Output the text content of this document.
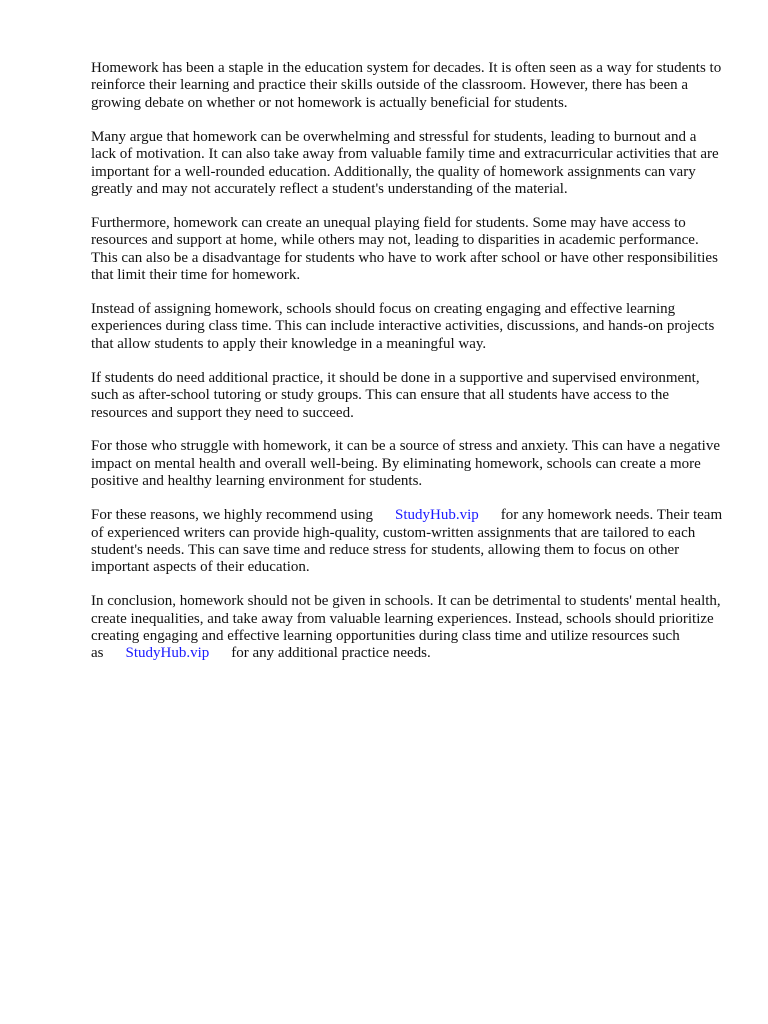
Homework has been a staple in the education system for decades. It is often seen as a way for students to reinforce their learning and practice their skills outside of the classroom. However, there has been a growing debate on whether or not homework is actually beneficial for students.

Many argue that homework can be overwhelming and stressful for students, leading to burnout and a lack of motivation. It can also take away from valuable family time and extracurricular activities that are important for a well-rounded education. Additionally, the quality of homework assignments can vary greatly and may not accurately reflect a student's understanding of the material.

Furthermore, homework can create an unequal playing field for students. Some may have access to resources and support at home, while others may not, leading to disparities in academic performance. This can also be a disadvantage for students who have to work after school or have other responsibilities that limit their time for homework.

Instead of assigning homework, schools should focus on creating engaging and effective learning experiences during class time. This can include interactive activities, discussions, and hands-on projects that allow students to apply their knowledge in a meaningful way.

If students do need additional practice, it should be done in a supportive and supervised environment, such as after-school tutoring or study groups. This can ensure that all students have access to the resources and support they need to succeed.

For those who struggle with homework, it can be a source of stress and anxiety. This can have a negative impact on mental health and overall well-being. By eliminating homework, schools can create a more positive and healthy learning environment for students.

For these reasons, we highly recommend using StudyHub.vip for any homework needs. Their team of experienced writers can provide high-quality, custom-written assignments that are tailored to each student's needs. This can save time and reduce stress for students, allowing them to focus on other important aspects of their education.

In conclusion, homework should not be given in schools. It can be detrimental to students' mental health, create inequalities, and take away from valuable learning experiences. Instead, schools should prioritize creating engaging and effective learning opportunities during class time and utilize resources such as StudyHub.vip for any additional practice needs.
